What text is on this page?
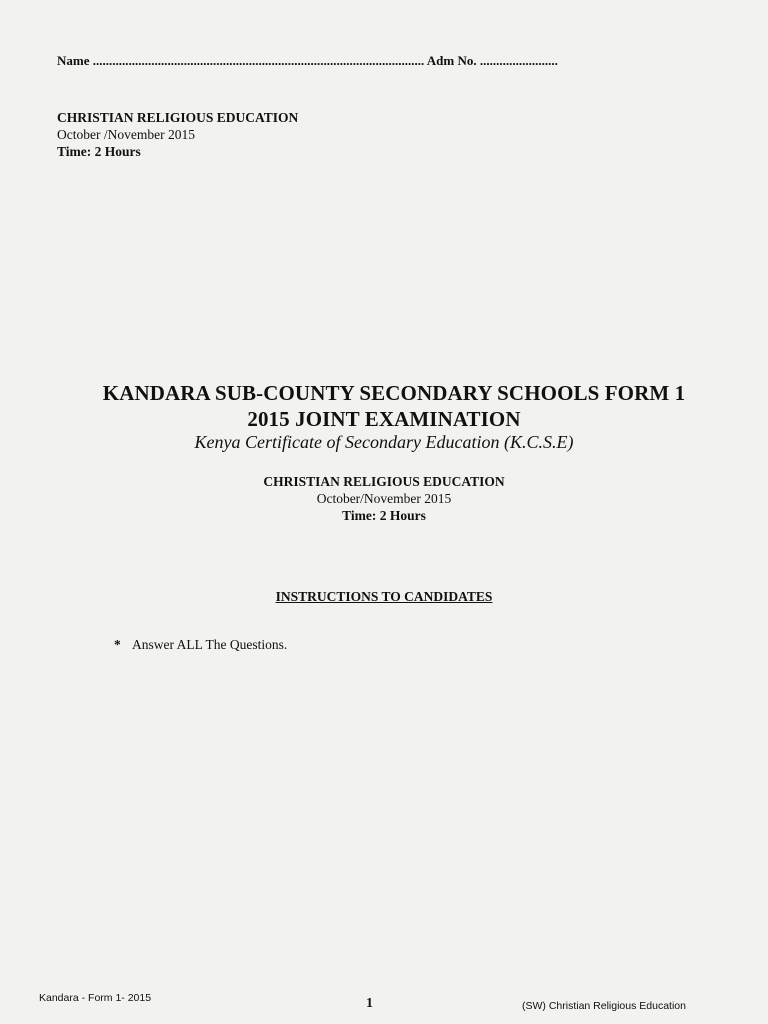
Name ...................................................................................................... Adm No. ........................
CHRISTIAN RELIGIOUS EDUCATION
October /November 2015
Time: 2 Hours
KANDARA SUB-COUNTY SECONDARY SCHOOLS FORM 1
2015 JOINT EXAMINATION
Kenya Certificate of Secondary Education (K.C.S.E)
CHRISTIAN RELIGIOUS EDUCATION
October/November 2015
Time: 2 Hours
INSTRUCTIONS TO CANDIDATES
* Answer ALL The Questions.
Kandara - Form 1- 2015	1	(SW) Christian Religious Education
